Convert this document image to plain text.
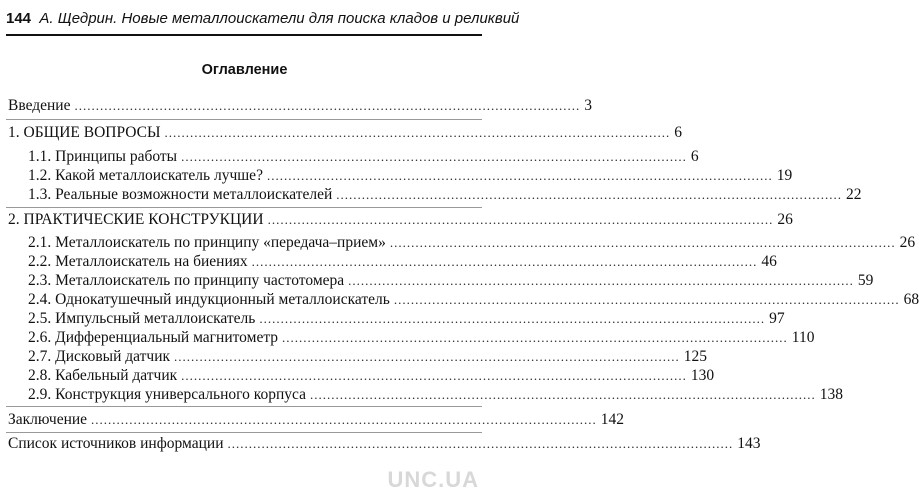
144 А. Щедрин. Новые металлоискатели для поиска кладов и реликвий
Оглавление
Введение ....................................................................................................................... 3
1. ОБЩИЕ ВОПРОСЫ ....................................................................................................................... 6
1.1. Принципы работы ....................................................................................................................... 6
1.2. Какой металлоискатель лучше? ....................................................................................................................... 19
1.3. Реальные возможности металлоискателей ....................................................................................................................... 22
2. ПРАКТИЧЕСКИЕ КОНСТРУКЦИИ ....................................................................................................................... 26
2.1. Металлоискатель по принципу «передача–прием» ....................................................................................................................... 26
2.2. Металлоискатель на биениях ....................................................................................................................... 46
2.3. Металлоискатель по принципу частотомера ....................................................................................................................... 59
2.4. Однокатушечный индукционный металлоискатель ....................................................................................................................... 68
2.5. Импульсный металлоискатель ....................................................................................................................... 97
2.6. Дифференциальный магнитометр ....................................................................................................................... 110
2.7. Дисковый датчик ....................................................................................................................... 125
2.8. Кабельный датчик ....................................................................................................................... 130
2.9. Конструкция универсального корпуса ....................................................................................................................... 138
Заключение ....................................................................................................................... 142
Список источников информации ....................................................................................................................... 143
UNC.UA
